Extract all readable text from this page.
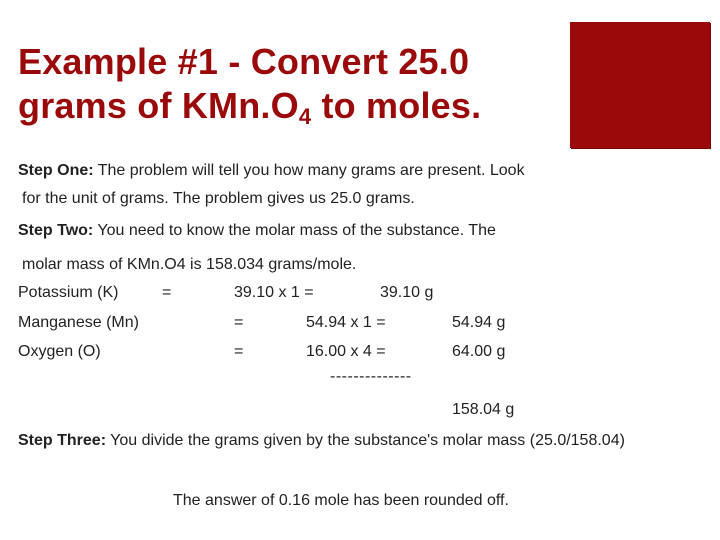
Example #1 - Convert 25.0
grams of $KMn.O_4$ to moles.
Step One: The problem will tell you how many grams are present. Look
for the unit of grams. The problem gives us 25.0 grams.
Step Two: You need to know the molar mass of the substance. The
molar mass of KMn.O4 is 158.034 grams/mole.
Potassium (K)	=	39.10 x 1 =	39.10 g
Manganese (Mn)	=	54.94 x 1 =	54.94 g
Oxygen (O)	=	16.00 x 4 =	64.00 g
--------------
158.04 g
Step Three: You divide the grams given by the substance's molar mass (25.0/158.04)
The answer of 0.16 mole has been rounded off.
